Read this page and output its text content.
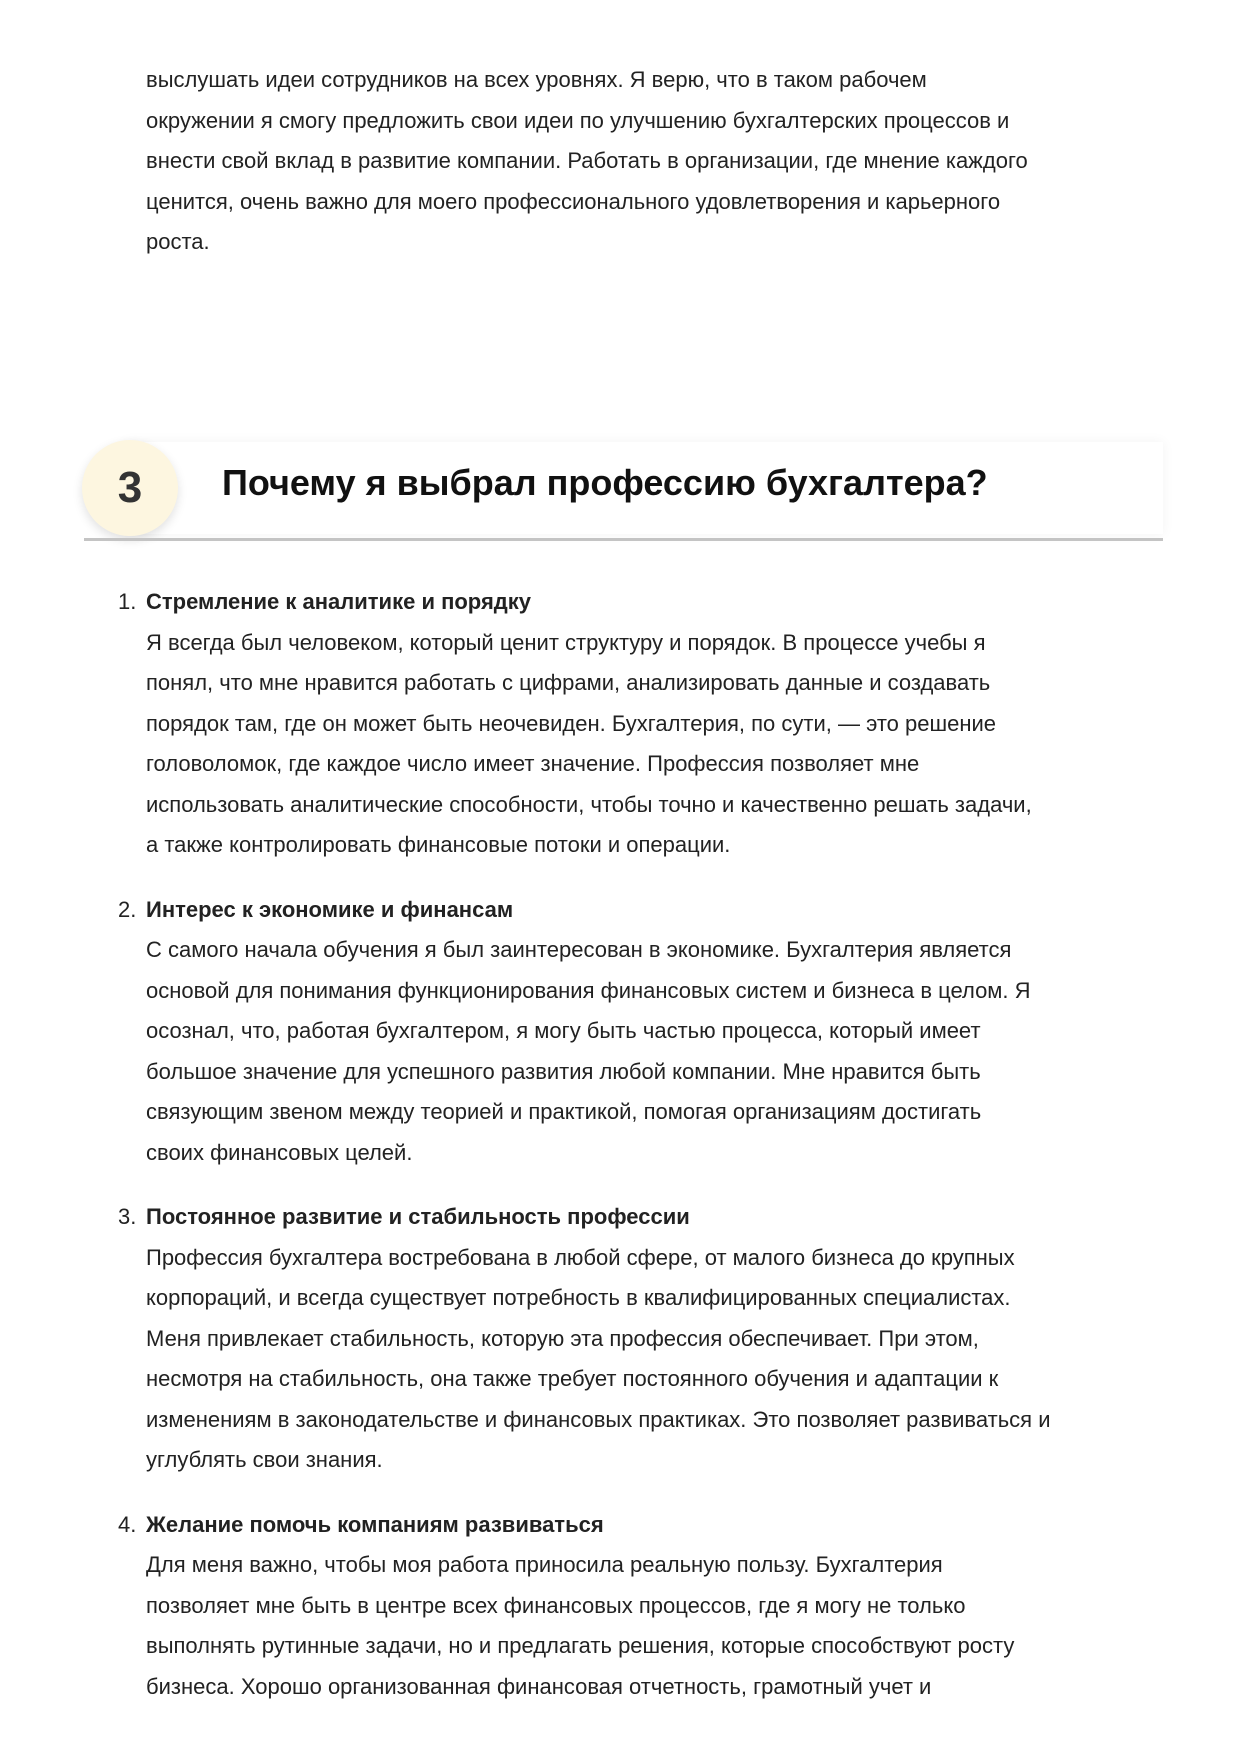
выслушать идеи сотрудников на всех уровнях. Я верю, что в таком рабочем
окружении я смогу предложить свои идеи по улучшению бухгалтерских процессов и
внести свой вклад в развитие компании. Работать в организации, где мнение каждого
ценится, очень важно для моего профессионального удовлетворения и карьерного
роста.
3	Почему я выбрал профессию бухгалтера?
1. Стремление к аналитике и порядку
Я всегда был человеком, который ценит структуру и порядок. В процессе учебы я
понял, что мне нравится работать с цифрами, анализировать данные и создавать
порядок там, где он может быть неочевиден. Бухгалтерия, по сути, — это решение
головоломок, где каждое число имеет значение. Профессия позволяет мне
использовать аналитические способности, чтобы точно и качественно решать задачи,
а также контролировать финансовые потоки и операции.
2. Интерес к экономике и финансам
С самого начала обучения я был заинтересован в экономике. Бухгалтерия является
основой для понимания функционирования финансовых систем и бизнеса в целом. Я
осознал, что, работая бухгалтером, я могу быть частью процесса, который имеет
большое значение для успешного развития любой компании. Мне нравится быть
связующим звеном между теорией и практикой, помогая организациям достигать
своих финансовых целей.
3. Постоянное развитие и стабильность профессии
Профессия бухгалтера востребована в любой сфере, от малого бизнеса до крупных
корпораций, и всегда существует потребность в квалифицированных специалистах.
Меня привлекает стабильность, которую эта профессия обеспечивает. При этом,
несмотря на стабильность, она также требует постоянного обучения и адаптации к
изменениям в законодательстве и финансовых практиках. Это позволяет развиваться и
углублять свои знания.
4. Желание помочь компаниям развиваться
Для меня важно, чтобы моя работа приносила реальную пользу. Бухгалтерия
позволяет мне быть в центре всех финансовых процессов, где я могу не только
выполнять рутинные задачи, но и предлагать решения, которые способствуют росту
бизнеса. Хорошо организованная финансовая отчетность, грамотный учет и
